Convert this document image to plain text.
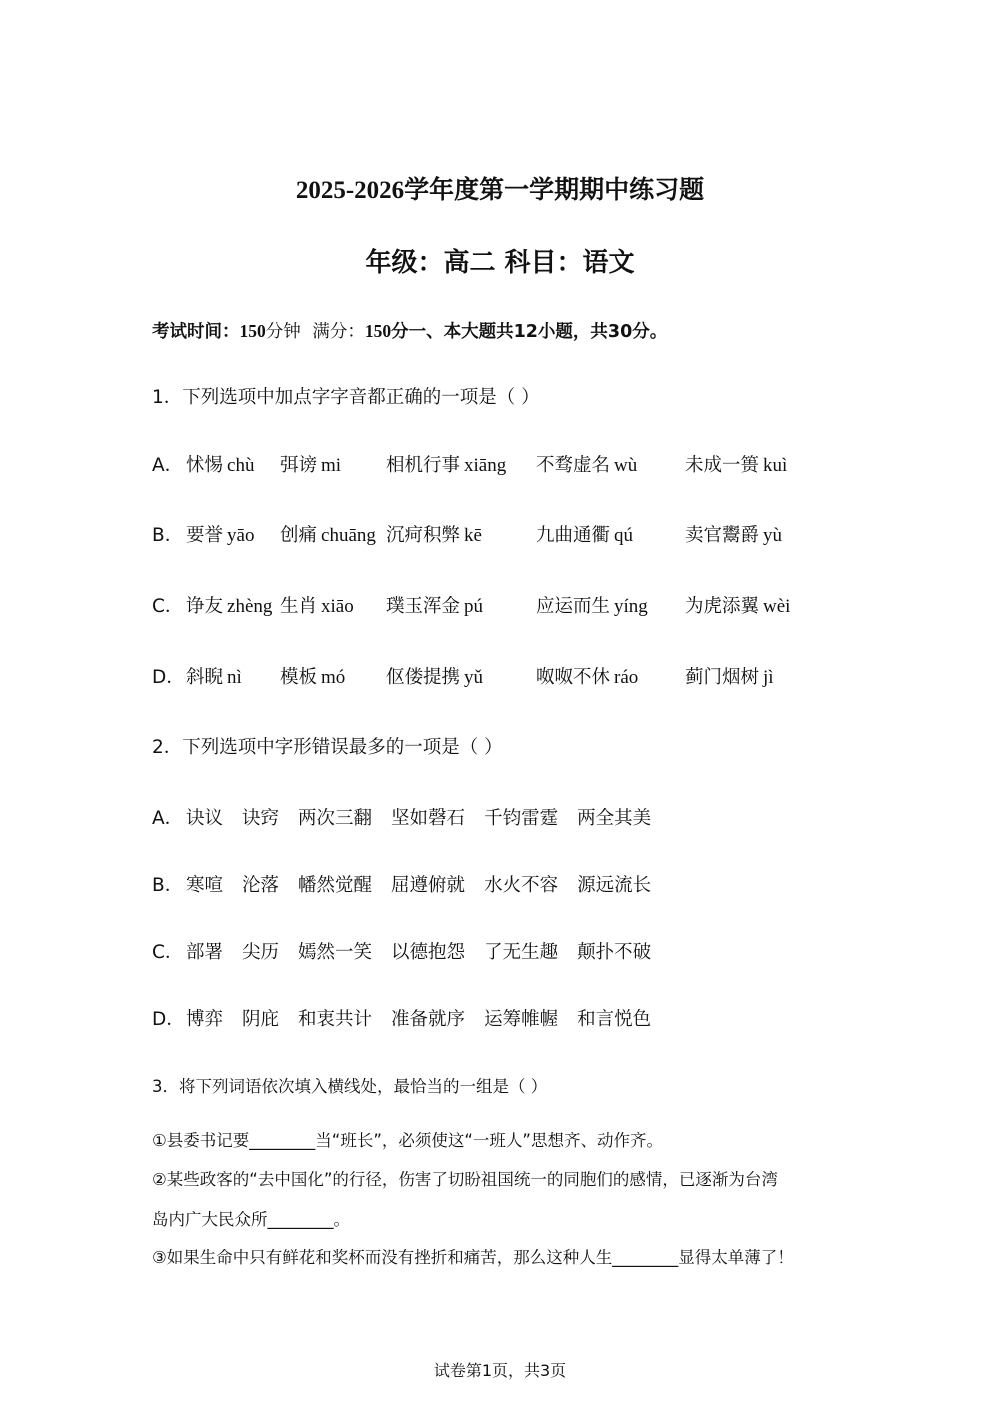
2025-2026学年度第一学期期中练习题
年级：高二 科目：语文
考试时间：150分钟 满分：150分一、本大题共12小题，共30分。
1．下列选项中加点字字音都正确的一项是（ ）
A． 怵惕 chù 弭谤 mi 相机行事 xiāng 不骛虚名 wù	未成一篑 kuì
B． 要誉 yāo 创痛 chuāng 沉疴积弊 kē	九曲通衢 qú	卖官鬻爵 yù
C． 诤友 zhèng 生肖 xiāo 璞玉浑金 pú	应运而生 yíng 为虎添翼 wèi
D． 斜睨 nì 模板 mó 伛偻提携 yǔ	呶呶不休 ráo	蓟门烟树 jì
2．下列选项中字形错误最多的一项是（ ）
A． 诀议 诀窍 两次三翻 坚如磬石 千钧雷霆 两全其美
B． 寒喧 沦落 幡然觉醒 屈遵俯就 水火不容 源远流长
C． 部署 尖历 嫣然一笑 以德抱怨 了无生趣 颠扑不破
D．博弈 阴庇 和衷共计 准备就序 运筹帷幄 和言悦色
3．将下列词语依次填入横线处，最恰当的一组是（ ）
①县委书记要________当“班长”，必须使这“一班人”思想齐、动作齐。
②某些政客的“去中国化”的行径，伤害了切盼祖国统一的同胞们的感情，已逐渐为台湾
岛内广大民众所________。
③如果生命中只有鲜花和奖杯而没有挫折和痛苦，那么这种人生________显得太单薄了！
试卷第1页，共3页
